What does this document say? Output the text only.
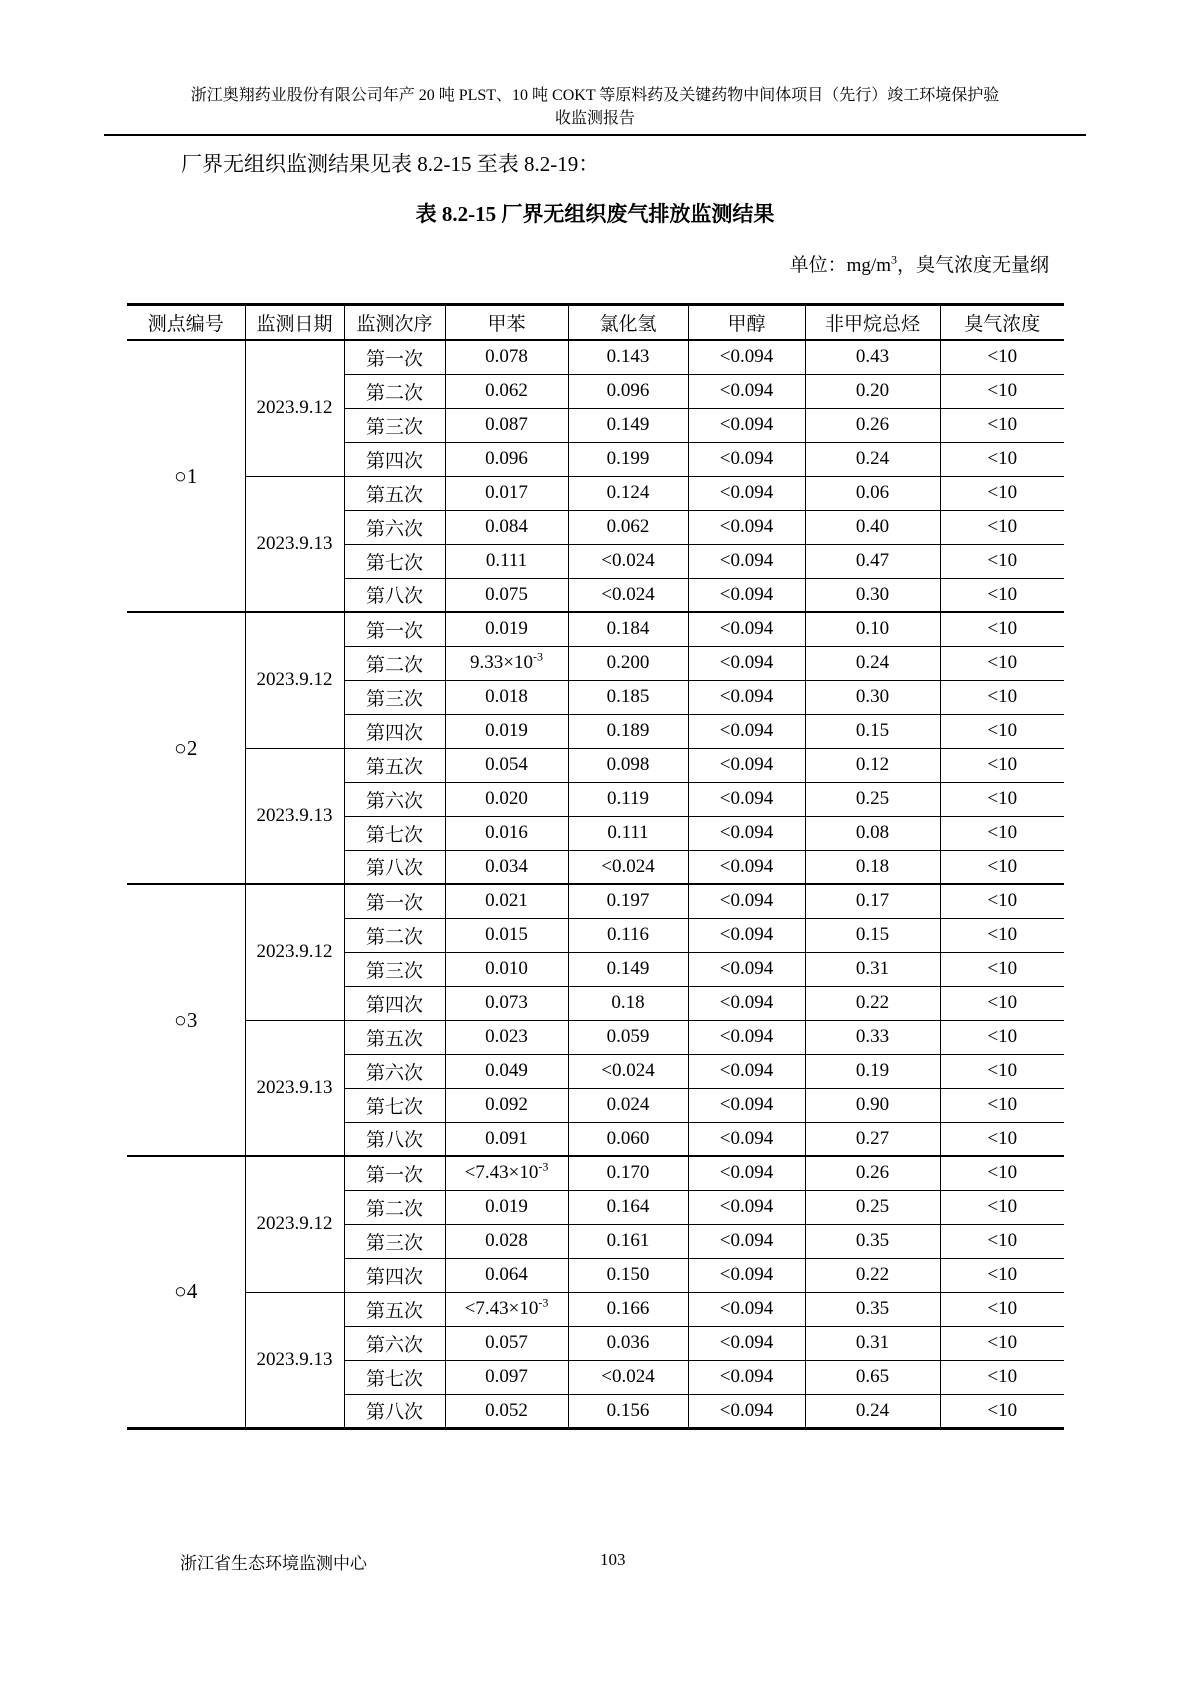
浙江奥翔药业股份有限公司年产 20 吨 PLST、10 吨 COKT 等原料药及关键药物中间体项目（先行）竣工环境保护验
收监测报告
厂界无组织监测结果见表 8.2-15 至表 8.2-19：
表 8.2-15 厂界无组织废气排放监测结果
单位：$mg/m^3$，臭气浓度无量纲
测点编号	监测日期	监测次序	甲苯	氯化氢	甲醇	非甲烷总烃	臭气浓度
○1	2023.9.12	第一次	0.078	0.143	<0.094	0.43	<10
		第二次	0.062	0.096	<0.094	0.20	<10
		第三次	0.087	0.149	<0.094	0.26	<10
		第四次	0.096	0.199	<0.094	0.24	<10
	2023.9.13	第五次	0.017	0.124	<0.094	0.06	<10
		第六次	0.084	0.062	<0.094	0.40	<10
		第七次	0.111	<0.024	<0.094	0.47	<10
		第八次	0.075	<0.024	<0.094	0.30	<10
○2	2023.9.12	第一次	0.019	0.184	<0.094	0.10	<10
		第二次	$9.33\times 10^{-3}$	0.200	<0.094	0.24	<10
		第三次	0.018	0.185	<0.094	0.30	<10
		第四次	0.019	0.189	<0.094	0.15	<10
	2023.9.13	第五次	0.054	0.098	<0.094	0.12	<10
		第六次	0.020	0.119	<0.094	0.25	<10
		第七次	0.016	0.111	<0.094	0.08	<10
		第八次	0.034	<0.024	<0.094	0.18	<10
○3	2023.9.12	第一次	0.021	0.197	<0.094	0.17	<10
		第二次	0.015	0.116	<0.094	0.15	<10
		第三次	0.010	0.149	<0.094	0.31	<10
		第四次	0.073	0.18	<0.094	0.22	<10
	2023.9.13	第五次	0.023	0.059	<0.094	0.33	<10
		第六次	0.049	<0.024	<0.094	0.19	<10
		第七次	0.092	0.024	<0.094	0.90	<10
		第八次	0.091	0.060	<0.094	0.27	<10
○4	2023.9.12	第一次	$<7.43\times 10^{-3}$	0.170	<0.094	0.26	<10
		第二次	0.019	0.164	<0.094	0.25	<10
		第三次	0.028	0.161	<0.094	0.35	<10
		第四次	0.064	0.150	<0.094	0.22	<10
	2023.9.13	第五次	$<7.43\times 10^{-3}$	0.166	<0.094	0.35	<10
		第六次	0.057	0.036	<0.094	0.31	<10
		第七次	0.097	<0.024	<0.094	0.65	<10
		第八次	0.052	0.156	<0.094	0.24	<10
浙江省生态环境监测中心	103
